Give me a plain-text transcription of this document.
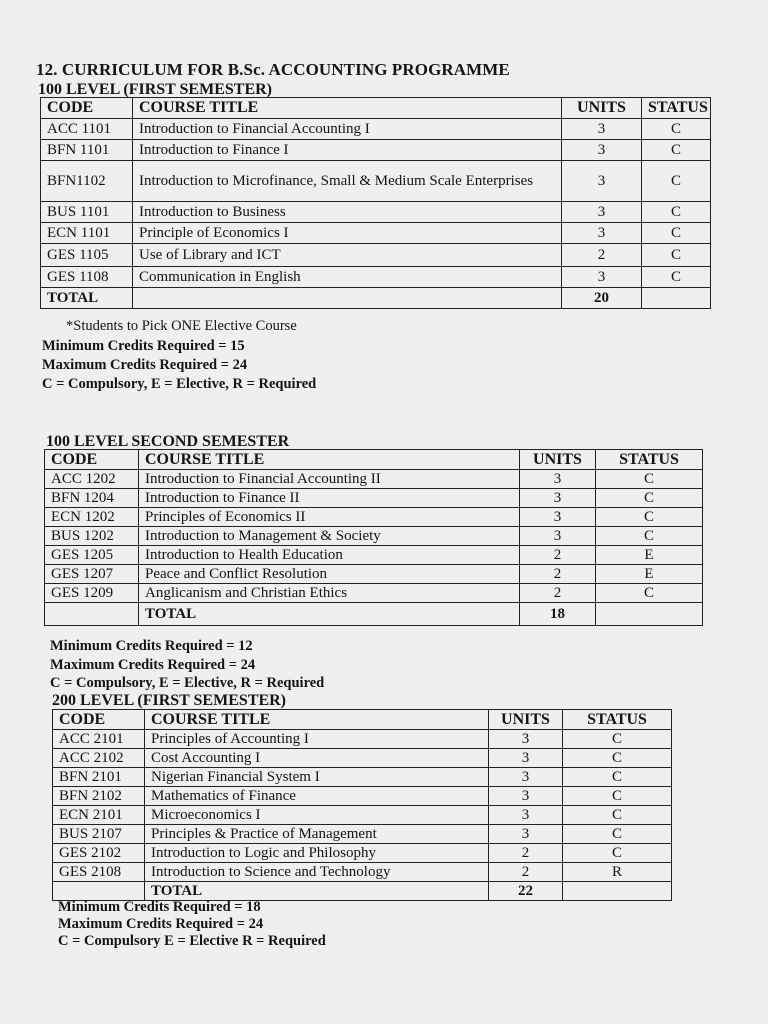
12. CURRICULUM FOR B.Sc. ACCOUNTING PROGRAMME
100 LEVEL (FIRST SEMESTER)
CODE	COURSE TITLE	UNITS	STATUS
ACC 1101	Introduction to Financial Accounting I	3	C
BFN 1101	Introduction to Finance I	3	C
BFN1102	Introduction to Microfinance, Small & Medium Scale Enterprises	3	C
BUS 1101	Introduction to Business	3	C
ECN 1101	Principle of Economics I	3	C
GES 1105	Use of Library and ICT	2	C
GES 1108	Communication in English	3	C
TOTAL		20	
*Students to Pick ONE Elective Course
Minimum Credits Required = 15
Maximum Credits Required = 24
C = Compulsory, E = Elective, R = Required
100 LEVEL SECOND SEMESTER
CODE	COURSE TITLE	UNITS	STATUS
ACC 1202	Introduction to Financial Accounting II	3	C
BFN 1204	Introduction to Finance II	3	C
ECN 1202	Principles of Economics II	3	C
BUS 1202	Introduction to Management & Society	3	C
GES 1205	Introduction to Health Education	2	E
GES 1207	Peace and Conflict Resolution	2	E
GES 1209	Anglicanism and Christian Ethics	2	C
	TOTAL	18	
Minimum Credits Required = 12
Maximum Credits Required = 24
C = Compulsory, E = Elective, R = Required
200 LEVEL (FIRST SEMESTER)
CODE	COURSE TITLE	UNITS	STATUS
ACC 2101	Principles of Accounting I	3	C
ACC 2102	Cost Accounting I	3	C
BFN 2101	Nigerian Financial System I	3	C
BFN 2102	Mathematics of Finance	3	C
ECN 2101	Microeconomics I	3	C
BUS 2107	Principles & Practice of Management	3	C
GES 2102	Introduction to Logic and Philosophy	2	C
GES 2108	Introduction to Science and Technology	2	R
	TOTAL	22	
Minimum Credits Required = 18
Maximum Credits Required = 24
C = Compulsory E = Elective R = Required
